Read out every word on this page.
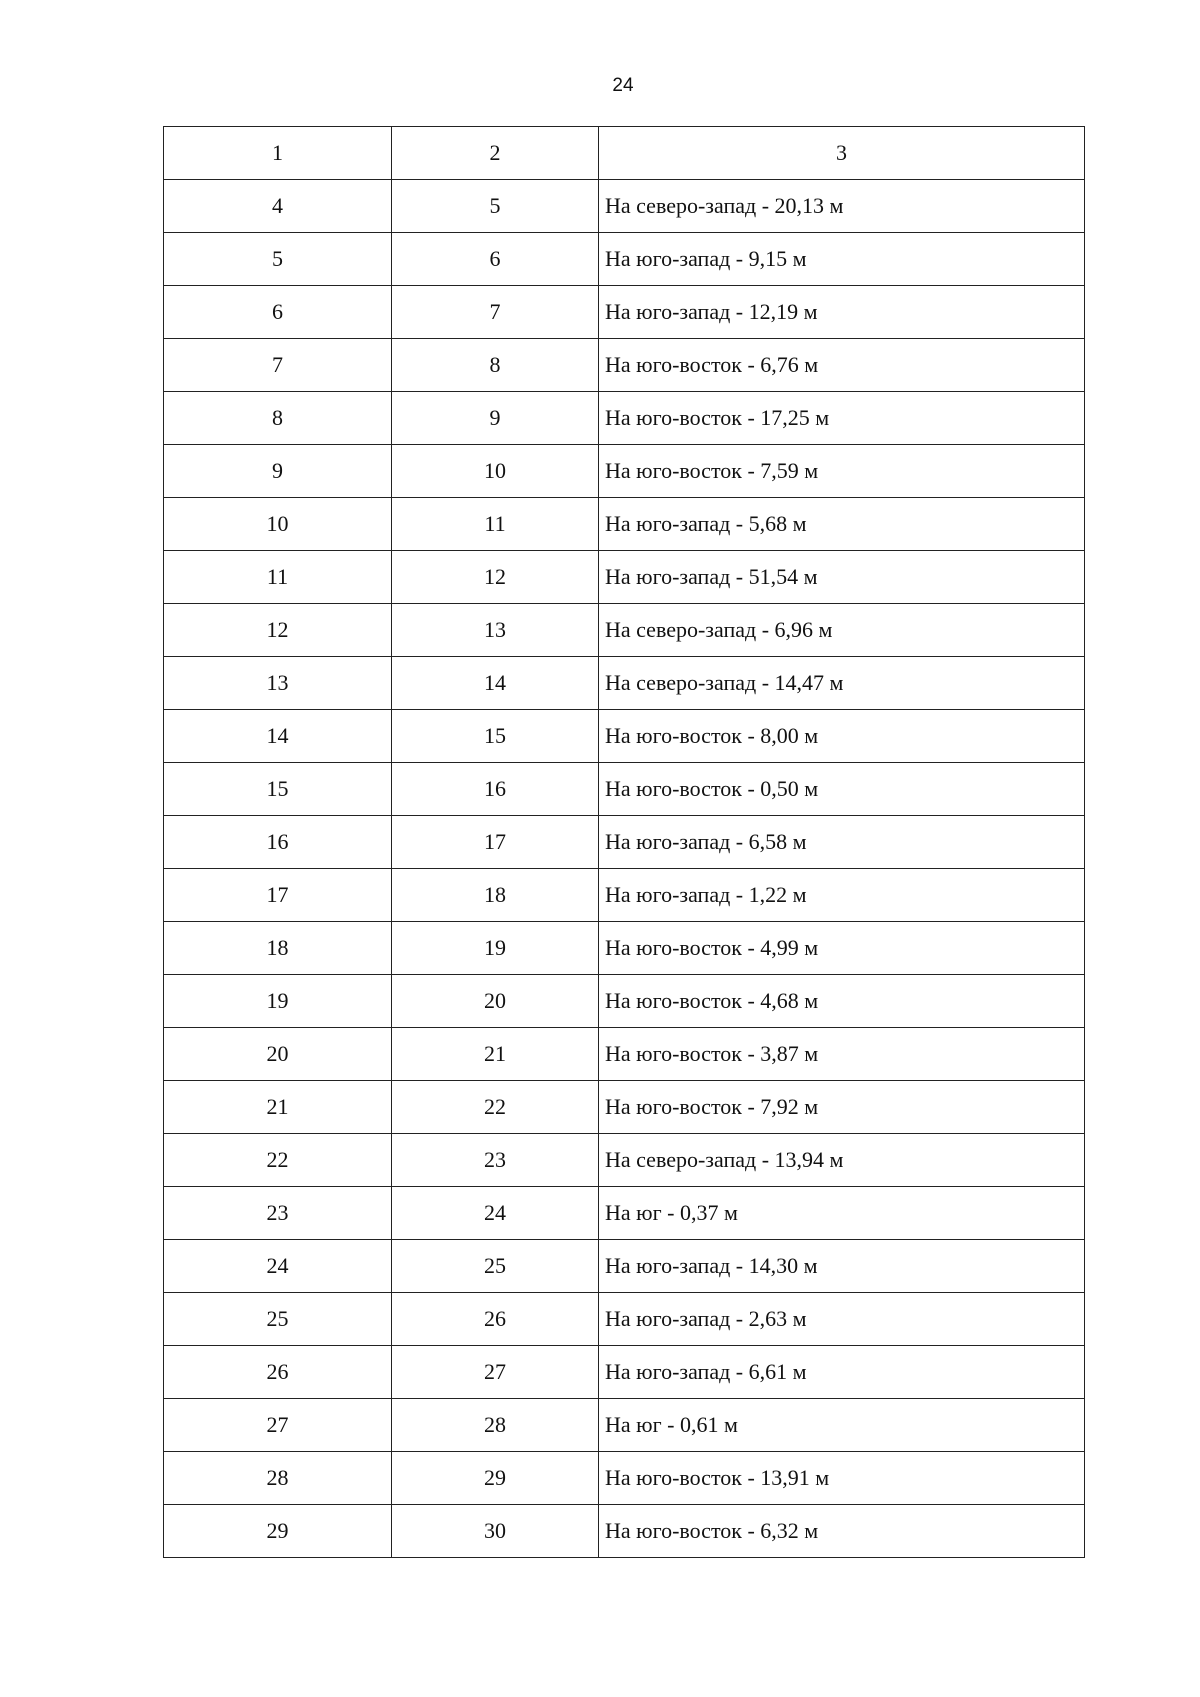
24
1	2	3
4	5	На северо-запад - 20,13 м
5	6	На юго-запад - 9,15 м
6	7	На юго-запад - 12,19 м
7	8	На юго-восток - 6,76 м
8	9	На юго-восток - 17,25 м
9	10	На юго-восток - 7,59 м
10	11	На юго-запад - 5,68 м
11	12	На юго-запад - 51,54 м
12	13	На северо-запад - 6,96 м
13	14	На северо-запад - 14,47 м
14	15	На юго-восток - 8,00 м
15	16	На юго-восток - 0,50 м
16	17	На юго-запад - 6,58 м
17	18	На юго-запад - 1,22 м
18	19	На юго-восток - 4,99 м
19	20	На юго-восток - 4,68 м
20	21	На юго-восток - 3,87 м
21	22	На юго-восток - 7,92 м
22	23	На северо-запад - 13,94 м
23	24	На юг - 0,37 м
24	25	На юго-запад - 14,30 м
25	26	На юго-запад - 2,63 м
26	27	На юго-запад - 6,61 м
27	28	На юг - 0,61 м
28	29	На юго-восток - 13,91 м
29	30	На юго-восток - 6,32 м
